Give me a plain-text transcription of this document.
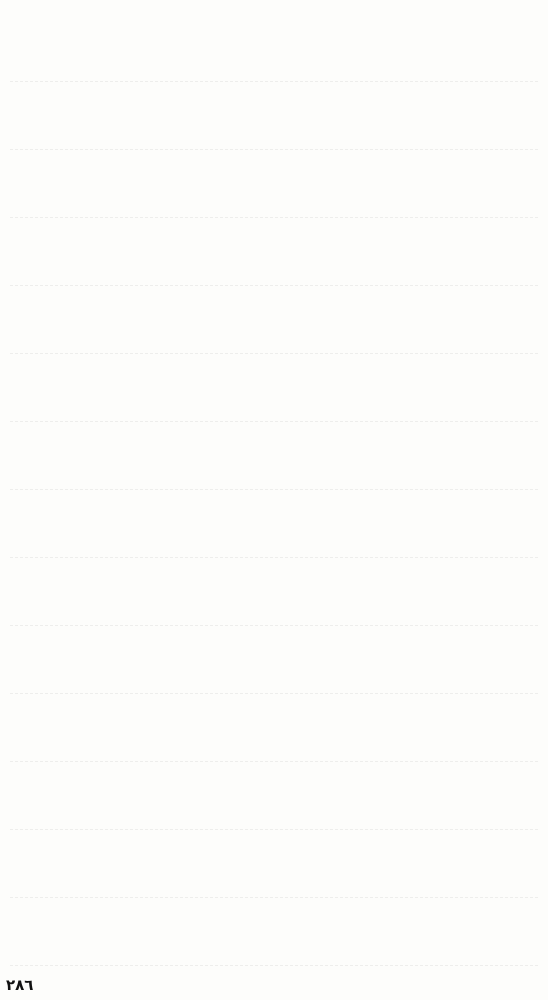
٢٨٦
